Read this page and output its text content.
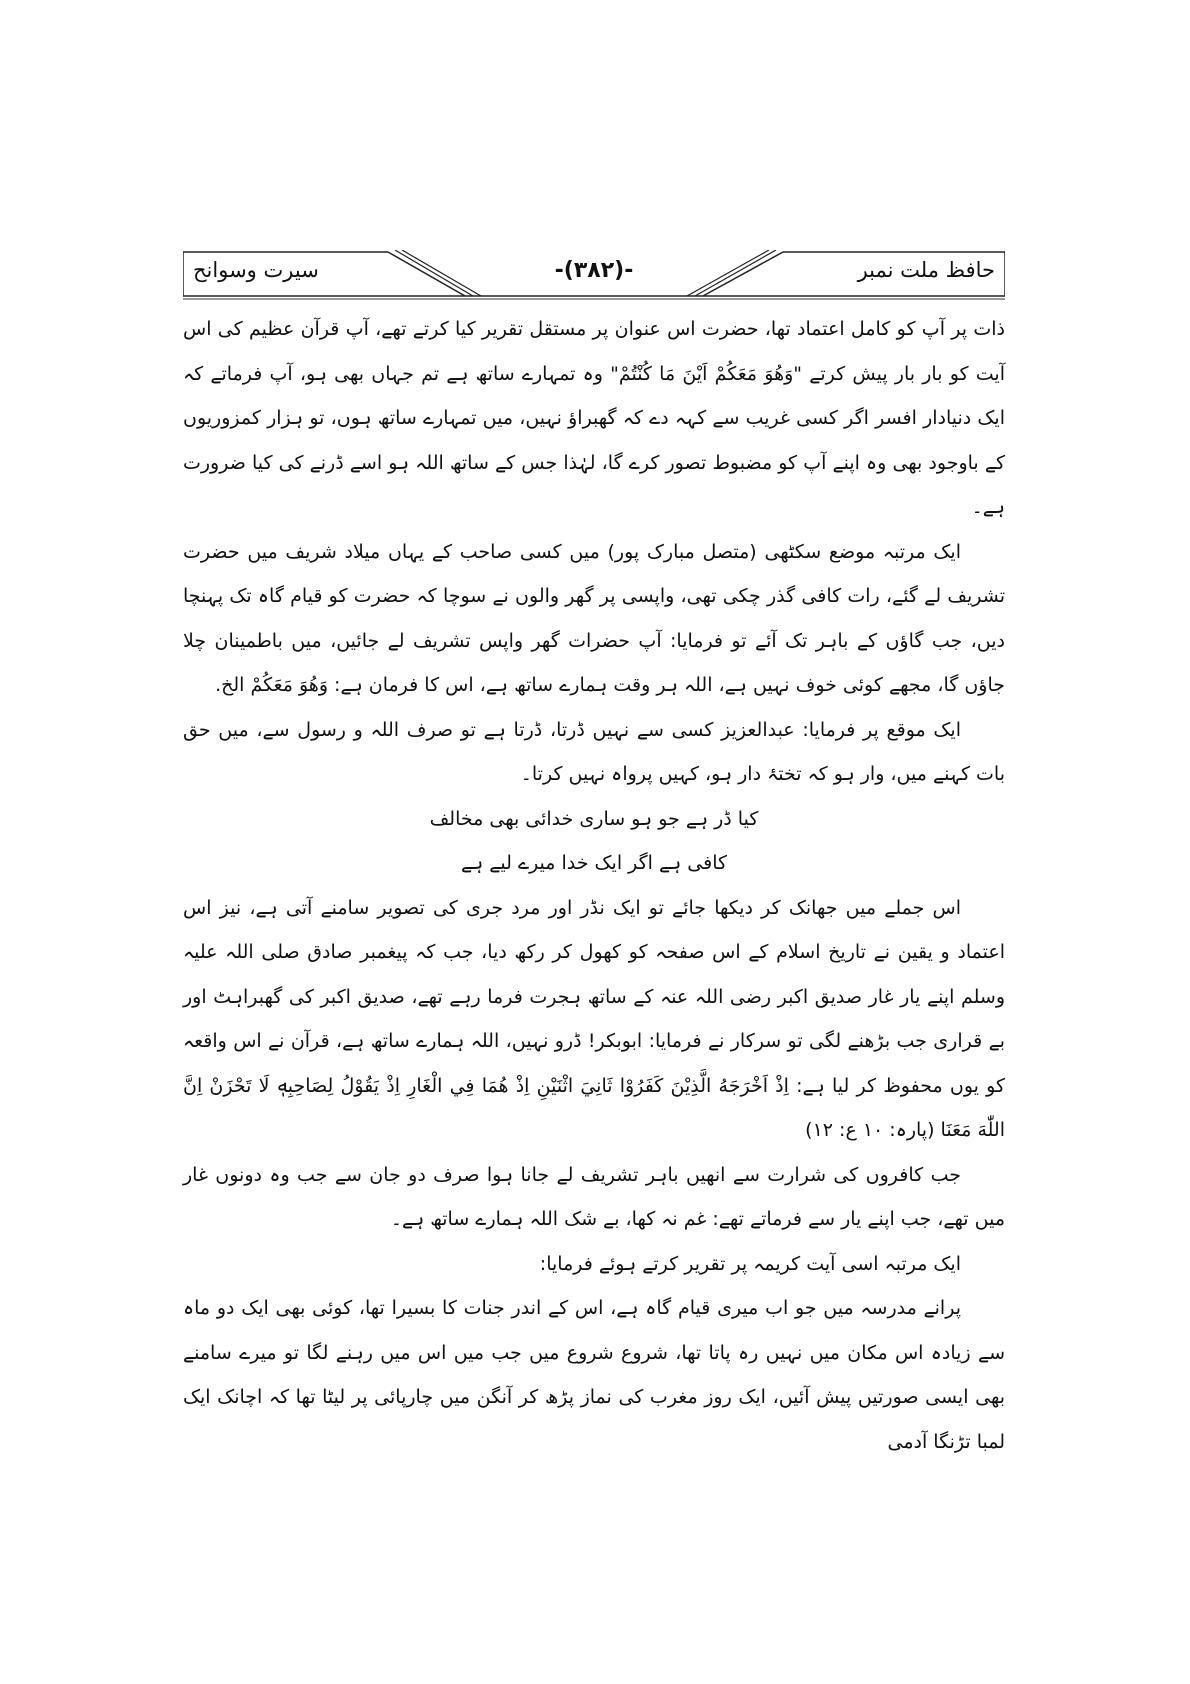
سیرت وسوانح	-(۳۸۲)-	حافظ ملت نمبر

ذات پر آپ کو کامل اعتماد تھا، حضرت اس عنوان پر مستقل تقریر کیا کرتے تھے، آپ قرآن عظیم کی اس آیت کو بار بار پیش کرتے "وَهُوَ مَعَكُمْ اَيْنَ مَا كُنْتُمْ" وہ تمہارے ساتھ ہے تم جہاں بھی ہو، آپ فرماتے کہ ایک دنیادار افسر اگر کسی غریب سے کہہ دے کہ گھبراؤ نہیں، میں تمہارے ساتھ ہوں، تو ہزار کمزوریوں کے باوجود بھی وہ اپنے آپ کو مضبوط تصور کرے گا، لہٰذا جس کے ساتھ اللہ ہو اسے ڈرنے کی کیا ضرورت ہے۔

ایک مرتبہ موضع سکٹھی (متصل مبارک پور) میں کسی صاحب کے یہاں میلاد شریف میں حضرت تشریف لے گئے، رات کافی گذر چکی تھی، واپسی پر گھر والوں نے سوچا کہ حضرت کو قیام گاہ تک پہنچا دیں، جب گاؤں کے باہر تک آئے تو فرمایا: آپ حضرات گھر واپس تشریف لے جائیں، میں باطمینان چلا جاؤں گا، مجھے کوئی خوف نہیں ہے، اللہ ہر وقت ہمارے ساتھ ہے، اس کا فرمان ہے: وَهُوَ مَعَكُمْ الخ.

ایک موقع پر فرمایا: عبدالعزیز کسی سے نہیں ڈرتا، ڈرتا ہے تو صرف اللہ و رسول سے، میں حق بات کہنے میں، وار ہو کہ تختۂ دار ہو، کہیں پرواہ نہیں کرتا۔

کیا ڈر ہے جو ہو ساری خدائی بھی مخالف

کافی ہے اگر ایک خدا میرے لیے ہے

اس جملے میں جھانک کر دیکھا جائے تو ایک نڈر اور مرد جری کی تصویر سامنے آتی ہے، نیز اس اعتماد و یقین نے تاریخ اسلام کے اس صفحہ کو کھول کر رکھ دیا، جب کہ پیغمبر صادق صلی اللہ علیہ وسلم اپنے یار غار صدیق اکبر رضی اللہ عنہ کے ساتھ ہجرت فرما رہے تھے، صدیق اکبر کی گھبراہٹ اور بے قراری جب بڑھنے لگی تو سرکار نے فرمایا: ابوبکر! ڈرو نہیں، اللہ ہمارے ساتھ ہے، قرآن نے اس واقعہ کو یوں محفوظ کر لیا ہے: اِذْ اَخْرَجَهُ الَّذِيْنَ كَفَرُوْا ثَانِيَ اثْنَيْنِ اِذْ هُمَا فِي الْغَارِ اِذْ يَقُوْلُ لِصَاحِبِهٖ لَا تَحْزَنْ اِنَّ اللّٰهَ مَعَنَا (پارہ: ۱۰ ع: ۱۲)

جب کافروں کی شرارت سے انھیں باہر تشریف لے جانا ہوا صرف دو جان سے جب وہ دونوں غار میں تھے، جب اپنے یار سے فرماتے تھے: غم نہ کھا، بے شک اللہ ہمارے ساتھ ہے۔

ایک مرتبہ اسی آیت کریمہ پر تقریر کرتے ہوئے فرمایا:

پرانے مدرسہ میں جو اب میری قیام گاہ ہے، اس کے اندر جنات کا بسیرا تھا، کوئی بھی ایک دو ماہ سے زیادہ اس مکان میں نہیں رہ پاتا تھا، شروع شروع میں جب میں اس میں رہنے لگا تو میرے سامنے بھی ایسی صورتیں پیش آئیں، ایک روز مغرب کی نماز پڑھ کر آنگن میں چارپائی پر لیٹا تھا کہ اچانک ایک لمبا تڑنگا آدمی
